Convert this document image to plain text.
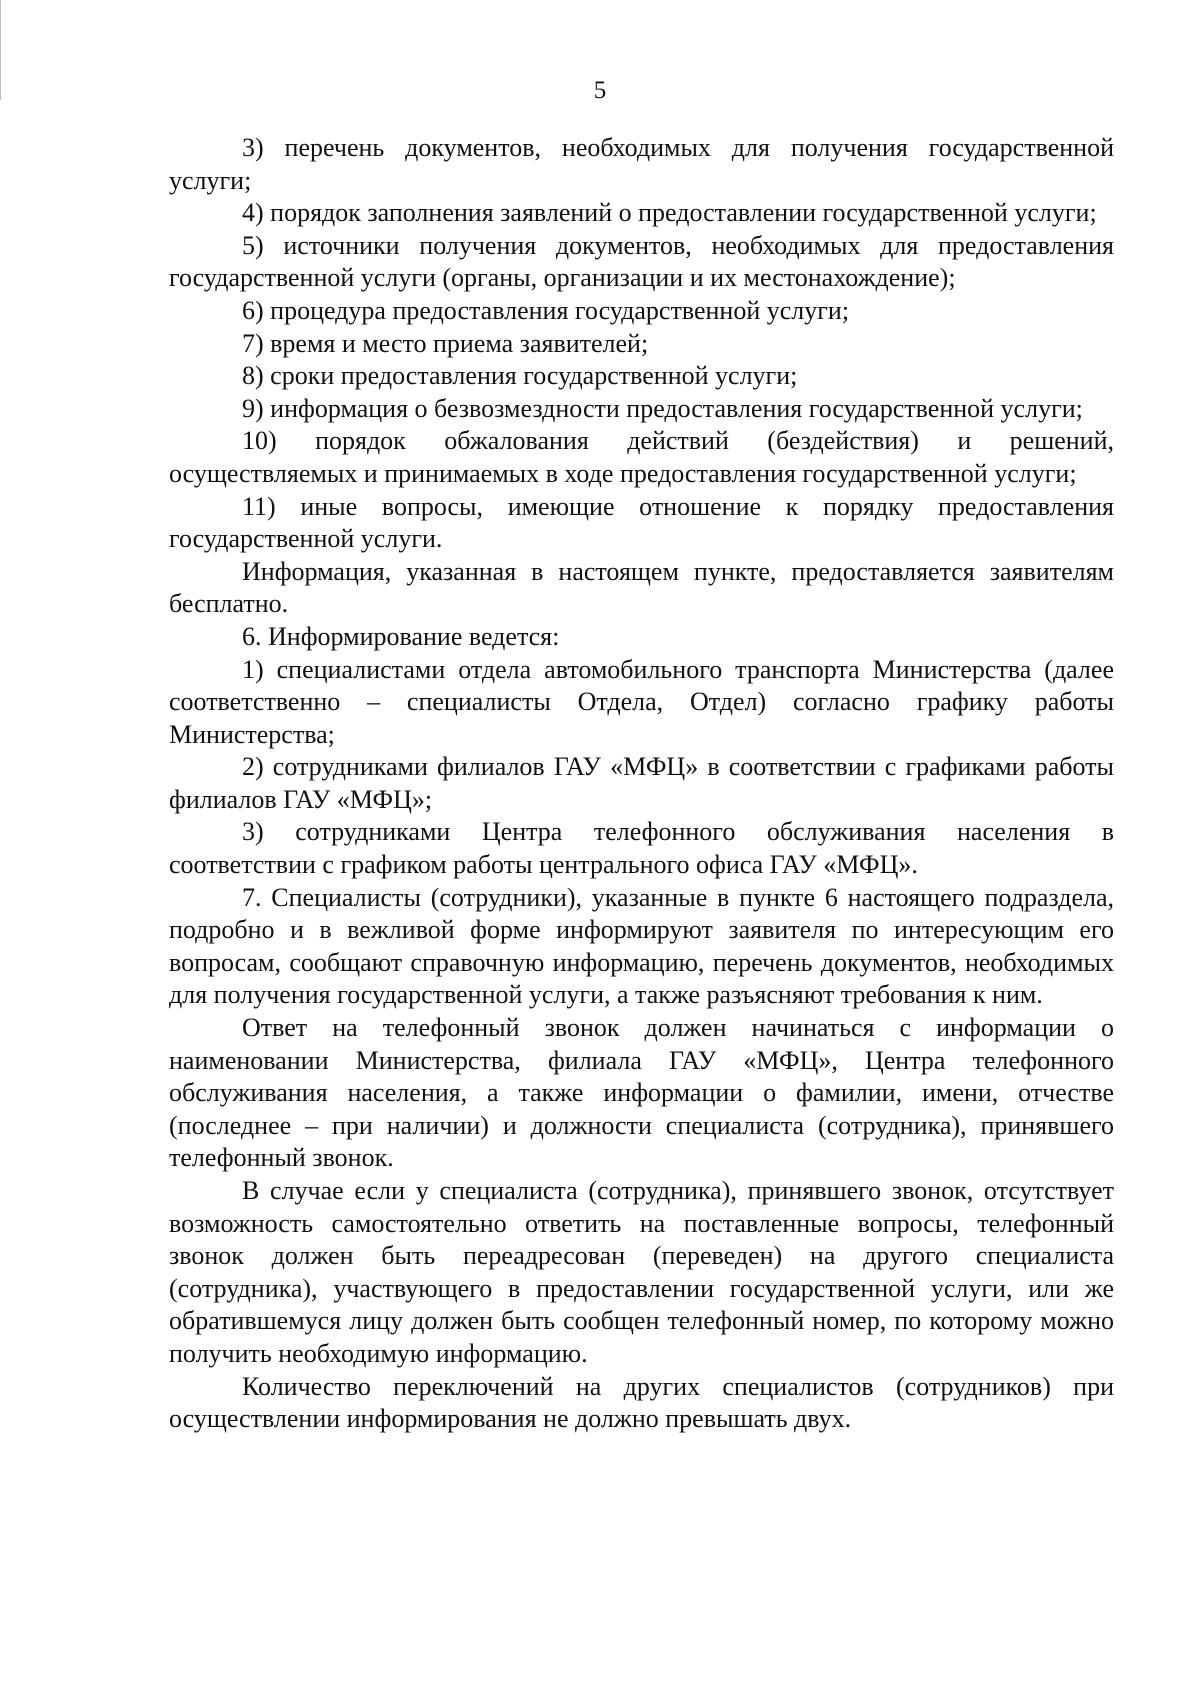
5

3) перечень документов, необходимых для получения государственной услуги;

4) порядок заполнения заявлений о предоставлении государственной услуги;

5) источники получения документов, необходимых для предоставления государственной услуги (органы, организации и их местонахождение);

6) процедура предоставления государственной услуги;

7) время и место приема заявителей;

8) сроки предоставления государственной услуги;

9) информация о безвозмездности предоставления государственной услуги;

10) порядок обжалования действий (бездействия) и решений, осуществляемых и принимаемых в ходе предоставления государственной услуги;

11) иные вопросы, имеющие отношение к порядку предоставления государственной услуги.

Информация, указанная в настоящем пункте, предоставляется заявителям бесплатно.

6. Информирование ведется:

1) специалистами отдела автомобильного транспорта Министерства (далее соответственно – специалисты Отдела, Отдел) согласно графику работы Министерства;

2) сотрудниками филиалов ГАУ «МФЦ» в соответствии с графиками работы филиалов ГАУ «МФЦ»;

3) сотрудниками Центра телефонного обслуживания населения в соответствии с графиком работы центрального офиса ГАУ «МФЦ».

7. Специалисты (сотрудники), указанные в пункте 6 настоящего подраздела, подробно и в вежливой форме информируют заявителя по интересующим его вопросам, сообщают справочную информацию, перечень документов, необходимых для получения государственной услуги, а также разъясняют требования к ним.

Ответ на телефонный звонок должен начинаться с информации о наименовании Министерства, филиала ГАУ «МФЦ», Центра телефонного обслуживания населения, а также информации о фамилии, имени, отчестве (последнее – при наличии) и должности специалиста (сотрудника), принявшего телефонный звонок.

В случае если у специалиста (сотрудника), принявшего звонок, отсутствует возможность самостоятельно ответить на поставленные вопросы, телефонный звонок должен быть переадресован (переведен) на другого специалиста (сотрудника), участвующего в предоставлении государственной услуги, или же обратившемуся лицу должен быть сообщен телефонный номер, по которому можно получить необходимую информацию.

Количество переключений на других специалистов (сотрудников) при осуществлении информирования не должно превышать двух.
